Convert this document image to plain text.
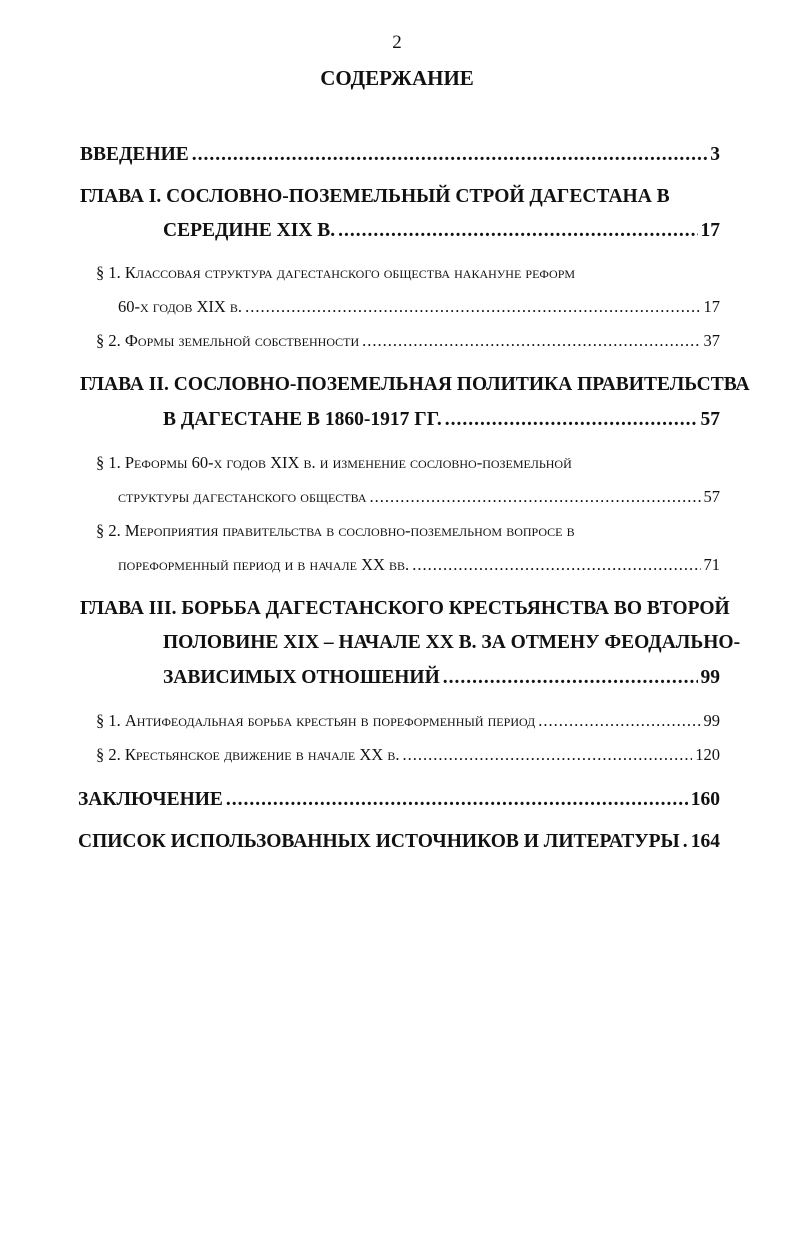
2
СОДЕРЖАНИЕ
ВВЕДЕНИЕ .....	3
ГЛАВА I. СОСЛОВНО-ПОЗЕМЕЛЬНЫЙ СТРОЙ ДАГЕСТАНА В
СЕРЕДИНЕ XIX В. .....	17
§ 1. Классовая структура дагестанского общества накануне реформ
60-х годов XIX в. .....	17
§ 2. Формы земельной собственности .....	37
ГЛАВА II. СОСЛОВНО-ПОЗЕМЕЛЬНАЯ ПОЛИТИКА ПРАВИТЕЛЬСТВА
В ДАГЕСТАНЕ В 1860-1917 ГГ. .....	57
§ 1. Реформы 60-х годов XIX в. и изменение сословно-поземельной
структуры дагестанского общества .....	57
§ 2. Мероприятия правительства в сословно-поземельном вопросе в
пореформенный период и в начале XX вв. .....	71
ГЛАВА III. БОРЬБА ДАГЕСТАНСКОГО КРЕСТЬЯНСТВА ВО ВТОРОЙ
ПОЛОВИНЕ XIX – НАЧАЛЕ XX В. ЗА ОТМЕНУ ФЕОДАЛЬНО-
ЗАВИСИМЫХ ОТНОШЕНИЙ .....	99
§ 1. Антифеодальная борьба крестьян в пореформенный период .....	99
§ 2. Крестьянское движение в начале XX в. .....	120
ЗАКЛЮЧЕНИЕ .....	160
СПИСОК ИСПОЛЬЗОВАННЫХ ИСТОЧНИКОВ И ЛИТЕРАТУРЫ ..... 164
